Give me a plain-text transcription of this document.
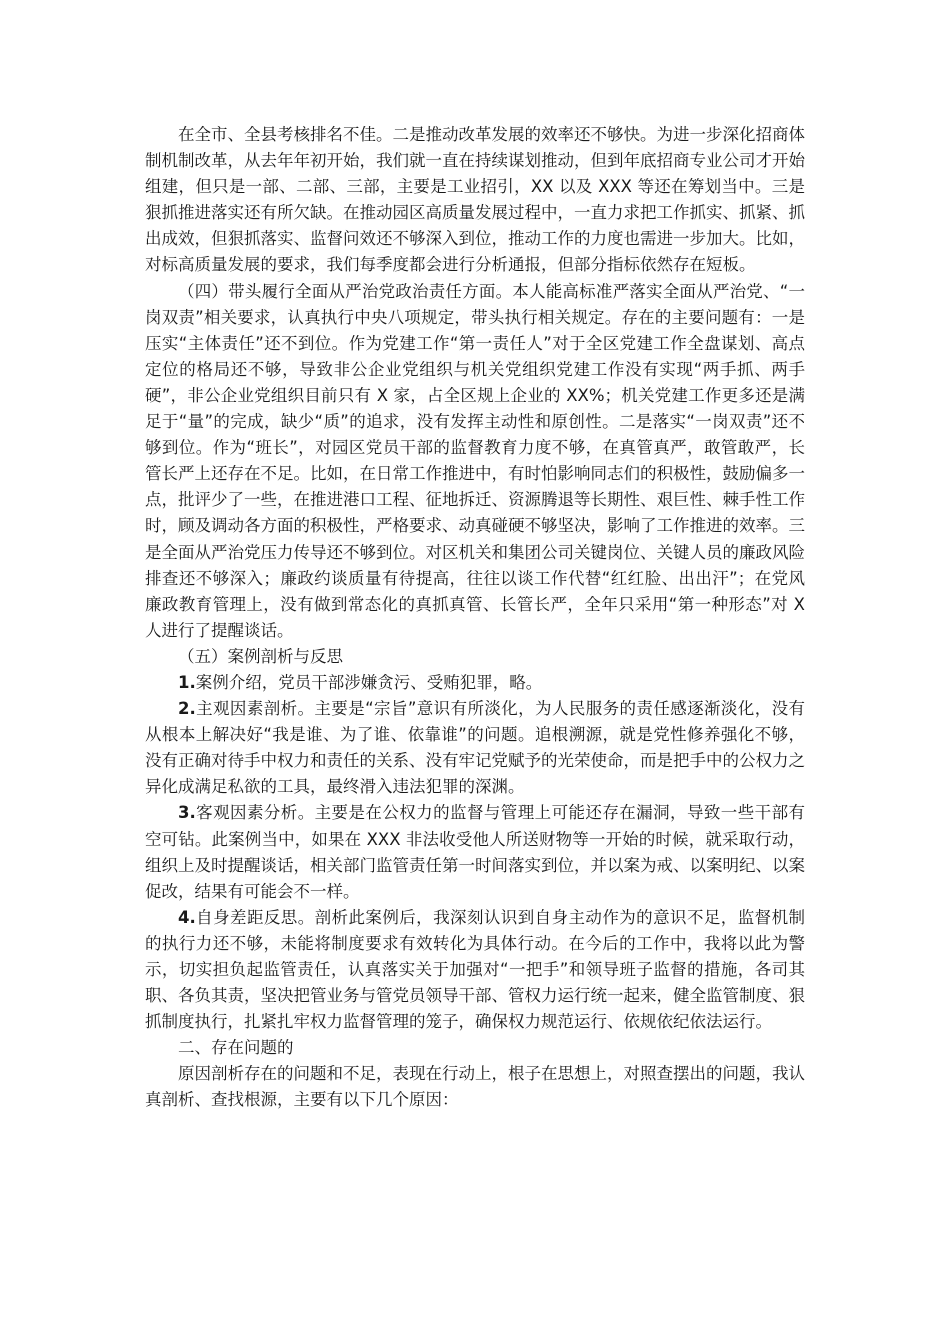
在全市、全县考核排名不佳。二是推动改革发展的效率还不够快。为进一步深化招商体制机制改革，从去年年初开始，我们就一直在持续谋划推动，但到年底招商专业公司才开始组建，但只是一部、二部、三部，主要是工业招引，XX 以及 XXX 等还在筹划当中。三是狠抓推进落实还有所欠缺。在推动园区高质量发展过程中，一直力求把工作抓实、抓紧、抓出成效，但狠抓落实、监督问效还不够深入到位，推动工作的力度也需进一步加大。比如，对标高质量发展的要求，我们每季度都会进行分析通报，但部分指标依然存在短板。

（四）带头履行全面从严治党政治责任方面。本人能高标准严落实全面从严治党、“一岗双责”相关要求，认真执行中央八项规定，带头执行相关规定。存在的主要问题有：一是压实“主体责任”还不到位。作为党建工作“第一责任人”对于全区党建工作全盘谋划、高点定位的格局还不够，导致非公企业党组织与机关党组织党建工作没有实现“两手抓、两手硬”，非公企业党组织目前只有 X 家，占全区规上企业的 XX%；机关党建工作更多还是满足于“量”的完成，缺少“质”的追求，没有发挥主动性和原创性。二是落实“一岗双责”还不够到位。作为“班长”，对园区党员干部的监督教育力度不够，在真管真严，敢管敢严，长管长严上还存在不足。比如，在日常工作推进中，有时怕影响同志们的积极性，鼓励偏多一点，批评少了一些，在推进港口工程、征地拆迁、资源腾退等长期性、艰巨性、棘手性工作时，顾及调动各方面的积极性，严格要求、动真碰硬不够坚决，影响了工作推进的效率。三是全面从严治党压力传导还不够到位。对区机关和集团公司关键岗位、关键人员的廉政风险排查还不够深入；廉政约谈质量有待提高，往往以谈工作代替“红红脸、出出汗”；在党风廉政教育管理上，没有做到常态化的真抓真管、长管长严，全年只采用“第一种形态”对 X 人进行了提醒谈话。

（五）案例剖析与反思

1.案例介绍，党员干部涉嫌贪污、受贿犯罪，略。

2.主观因素剖析。主要是“宗旨”意识有所淡化，为人民服务的责任感逐渐淡化，没有从根本上解决好“我是谁、为了谁、依靠谁”的问题。追根溯源，就是党性修养强化不够，没有正确对待手中权力和责任的关系、没有牢记党赋予的光荣使命，而是把手中的公权力之异化成满足私欲的工具，最终滑入违法犯罪的深渊。

3.客观因素分析。主要是在公权力的监督与管理上可能还存在漏洞，导致一些干部有空可钻。此案例当中，如果在 XXX 非法收受他人所送财物等一开始的时候，就采取行动，组织上及时提醒谈话，相关部门监管责任第一时间落实到位，并以案为戒、以案明纪、以案促改，结果有可能会不一样。

4.自身差距反思。剖析此案例后，我深刻认识到自身主动作为的意识不足，监督机制的执行力还不够，未能将制度要求有效转化为具体行动。在今后的工作中，我将以此为警示，切实担负起监管责任，认真落实关于加强对“一把手”和领导班子监督的措施，各司其职、各负其责，坚决把管业务与管党员领导干部、管权力运行统一起来，健全监管制度、狠抓制度执行，扎紧扎牢权力监督管理的笼子，确保权力规范运行、依规依纪依法运行。

二、存在问题的

原因剖析存在的问题和不足，表现在行动上，根子在思想上，对照查摆出的问题，我认真剖析、查找根源，主要有以下几个原因：
